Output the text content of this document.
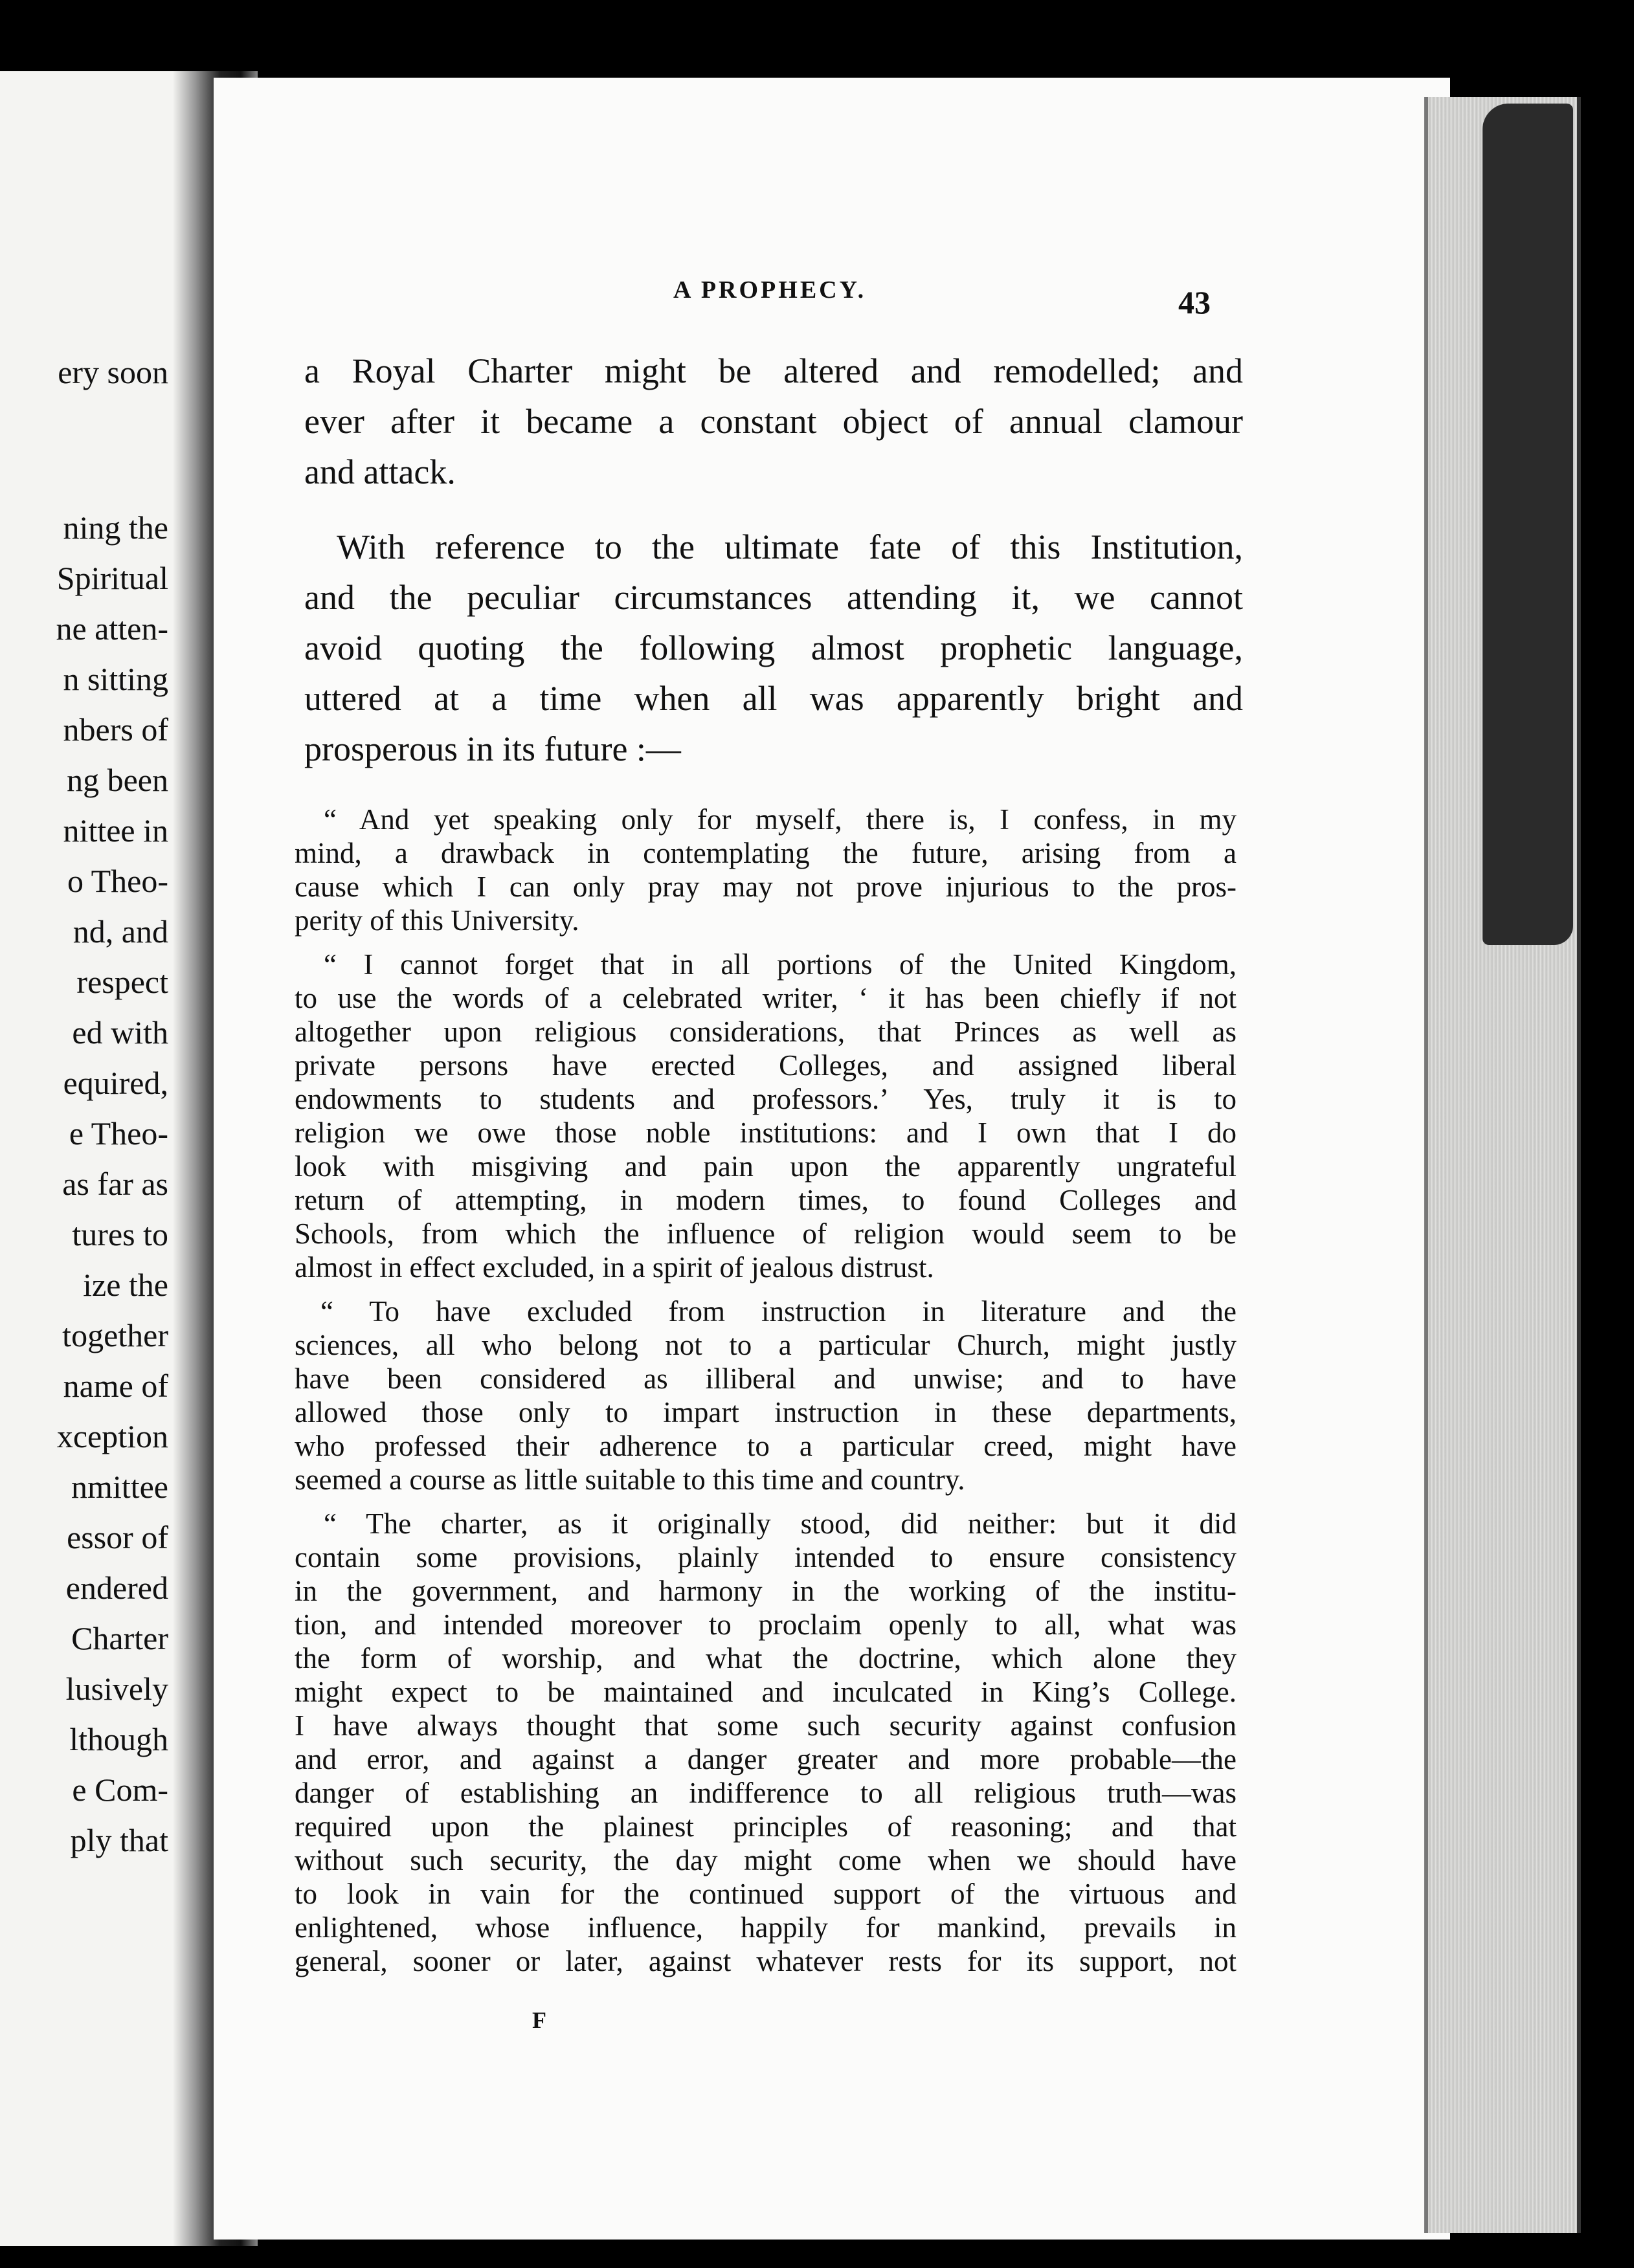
ery soon
ning the
Spiritual
ne atten-
n sitting
nbers of
ng been
nittee in
o Theo-
nd, and
respect
ed with
equired,
e Theo-
as far as
tures to
ize the
together
name of
xception
nmittee
essor of
endered
Charter
lusively
lthough
e Com-
ply that
A PROPHECY.	43
a Royal Charter might be altered and remodelled; and
ever after it became a constant object of annual clamour
and attack.
With reference to the ultimate fate of this Institution,
and the peculiar circumstances attending it, we cannot
avoid quoting the following almost prophetic language,
uttered at a time when all was apparently bright and
prosperous in its future :—
“ And yet speaking only for myself, there is, I confess, in my
mind, a drawback in contemplating the future, arising from a
cause which I can only pray may not prove injurious to the pros-
perity of this University.
“ I cannot forget that in all portions of the United Kingdom,
to use the words of a celebrated writer, ‘ it has been chiefly if not
altogether upon religious considerations, that Princes as well as
private persons have erected Colleges, and assigned liberal
endowments to students and professors.’ Yes, truly it is to
religion we owe those noble institutions: and I own that I do
look with misgiving and pain upon the apparently ungrateful
return of attempting, in modern times, to found Colleges and
Schools, from which the influence of religion would seem to be
almost in effect excluded, in a spirit of jealous distrust.
“ To have excluded from instruction in literature and the
sciences, all who belong not to a particular Church, might justly
have been considered as illiberal and unwise; and to have
allowed those only to impart instruction in these departments,
who professed their adherence to a particular creed, might have
seemed a course as little suitable to this time and country.
“ The charter, as it originally stood, did neither: but it did
contain some provisions, plainly intended to ensure consistency
in the government, and harmony in the working of the institu-
tion, and intended moreover to proclaim openly to all, what was
the form of worship, and what the doctrine, which alone they
might expect to be maintained and inculcated in King’s College.
I have always thought that some such security against confusion
and error, and against a danger greater and more probable—the
danger of establishing an indifference to all religious truth—was
required upon the plainest principles of reasoning; and that
without such security, the day might come when we should have
to look in vain for the continued support of the virtuous and
enlightened, whose influence, happily for mankind, prevails in
general, sooner or later, against whatever rests for its support, not
F
